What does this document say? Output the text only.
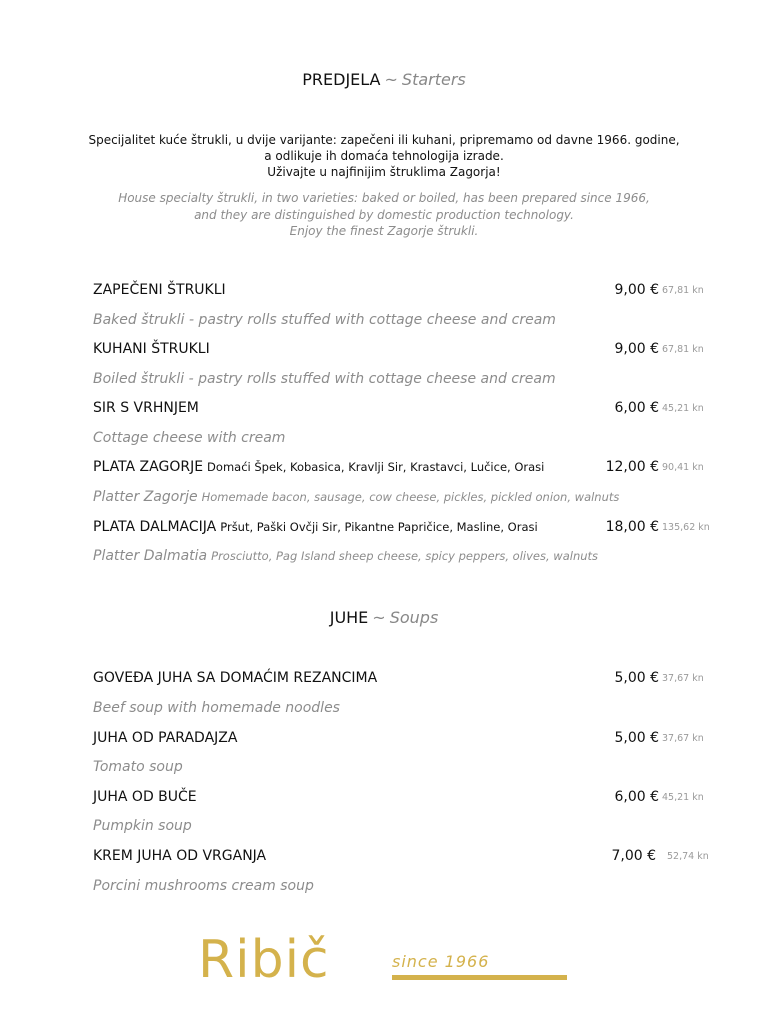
PREDJELA ~ Starters
Specijalitet kuće štrukli, u dvije varijante: zapečeni ili kuhani, pripremamo od davne 1966. godine,
a odlikuje ih domaća tehnologija izrade.
Uživajte u najfinijim štruklima Zagorja!
House specialty štrukli, in two varieties: baked or boiled, has been prepared since 1966,
and they are distinguished by domestic production technology.
Enjoy the finest Zagorje štrukli.
ZAPEČENI ŠTRUKLI	9,00 € 67,81 kn
Baked štrukli - pastry rolls stuffed with cottage cheese and cream
KUHANI ŠTRUKLI	9,00 € 67,81 kn
Boiled štrukli - pastry rolls stuffed with cottage cheese and cream
SIR S VRHNJEM	6,00 € 45,21 kn
Cottage cheese with cream
PLATA ZAGORJE Domaći Špek, Kobasica, Kravlji Sir, Krastavci, Lučice, Orasi	12,00 € 90,41 kn
Platter Zagorje Homemade bacon, sausage, cow cheese, pickles, pickled onion, walnuts
PLATA DALMACIJA Pršut, Paški Ovčji Sir, Pikantne Papričice, Masline, Orasi	18,00 € 135,62 kn
Platter Dalmatia Prosciutto, Pag Island sheep cheese, spicy peppers, olives, walnuts
JUHE ~ Soups
GOVEĐA JUHA SA DOMAĆIM REZANCIMA	5,00 € 37,67 kn
Beef soup with homemade noodles
JUHA OD PARADAJZA	5,00 € 37,67 kn
Tomato soup
JUHA OD BUČE	6,00 € 45,21 kn
Pumpkin soup
KREM JUHA OD VRGANJA	7,00 € 52,74 kn
Porcini mushrooms cream soup
Ribič	since 1966
